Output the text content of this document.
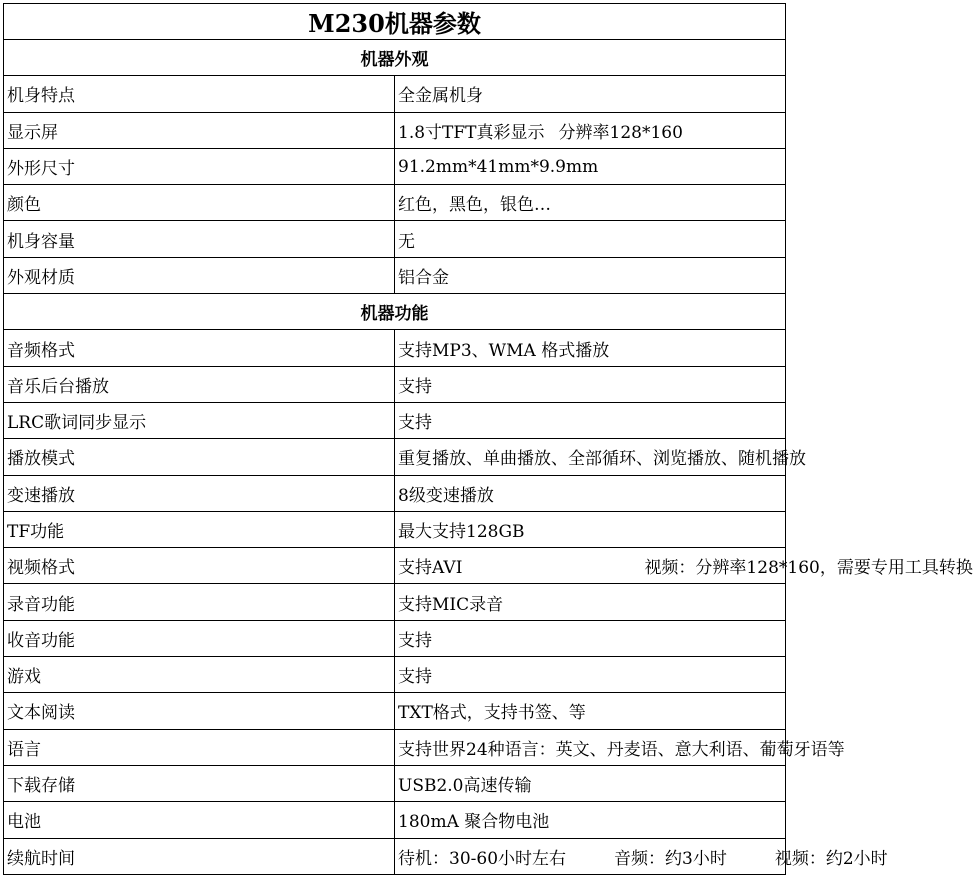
M230机器参数	
机器外观	
机身特点	全金属机身
显示屏	1.8寸TFT真彩显示 分辨率128*160
外形尺寸	91.2mm*41mm*9.9mm
颜色	红色，黑色，银色…
机身容量	无
外观材质	铝合金
机器功能	
音频格式	支持MP3、WMA 格式播放
音乐后台播放	支持
LRC歌词同步显示	支持
播放模式	重复播放、单曲播放、全部循环、浏览播放、随机播放
变速播放	8级变速播放
TF功能	最大支持128GB
视频格式	支持AVI 视频：分辨率128*160，需要专用工具转换
录音功能	支持MIC录音
收音功能	支持
游戏	支持
文本阅读	TXT格式，支持书签、等
语言	支持世界24种语言：英文、丹麦语、意大利语、葡萄牙语等
下载存储	USB2.0高速传输
电池	180mA 聚合物电池
续航时间	待机：30-60小时左右 音频：约3小时 视频：约2小时
